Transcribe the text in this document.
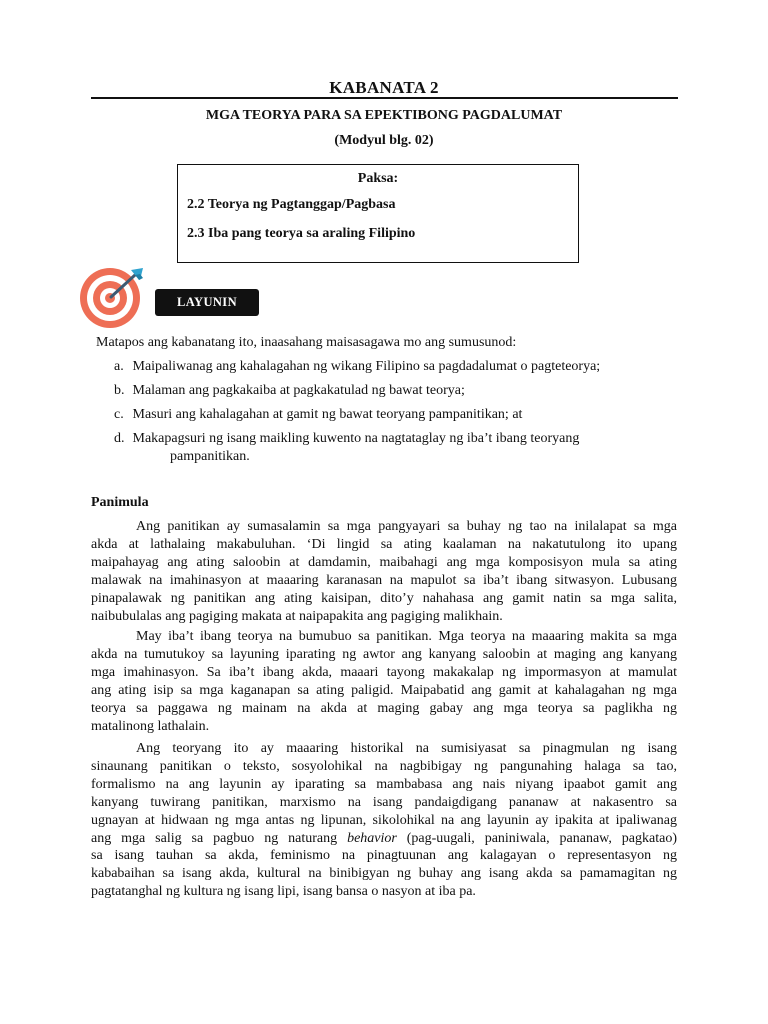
KABANATA 2
MGA TEORYA PARA SA EPEKTIBONG PAGDALUMAT
(Modyul blg. 02)
Paksa:
2.2 Teorya ng Pagtanggap/Pagbasa
2.3 Iba pang teorya sa araling Filipino
LAYUNIN
Matapos ang kabanatang ito, inaasahang maisasagawa mo ang sumusunod:
a. Maipaliwanag ang kahalagahan ng wikang Filipino sa pagdadalumat o pagteteorya;
b. Malaman ang pagkakaiba at pagkakatulad ng bawat teorya;
c. Masuri ang kahalagahan at gamit ng bawat teoryang pampanitikan; at
d. Makapagsuri ng isang maikling kuwento na nagtataglay ng iba’t ibang teoryang
pampanitikan.
Panimula
Ang panitikan ay sumasalamin sa mga pangyayari sa buhay ng tao na inilalapat sa mga
akda at lathalaing makabuluhan. ‘Di lingid sa ating kaalaman na nakatutulong ito upang
maipahayag ang ating saloobin at damdamin, maibahagi ang mga komposisyon mula sa ating
malawak na imahinasyon at maaaring karanasan na mapulot sa iba’t ibang sitwasyon. Lubusang
pinapalawak ng panitikan ang ating kaisipan, dito’y nahahasa ang gamit natin sa mga salita,
naibubulalas ang pagiging makata at naipapakita ang pagiging malikhain.
May iba’t ibang teorya na bumubuo sa panitikan. Mga teorya na maaaring makita sa mga
akda na tumutukoy sa layuning iparating ng awtor ang kanyang saloobin at maging ang kanyang
mga imahinasyon. Sa iba’t ibang akda, maaari tayong makakalap ng impormasyon at mamulat
ang ating isip sa mga kaganapan sa ating paligid. Maipabatid ang gamit at kahalagahan ng mga
teorya sa paggawa ng mainam na akda at maging gabay ang mga teorya sa paglikha ng
matalinong lathalain.
Ang teoryang ito ay maaaring historikal na sumisiyasat sa pinagmulan ng isang
sinaunang panitikan o teksto, sosyolohikal na nagbibigay ng pangunahing halaga sa tao,
formalismo na ang layunin ay iparating sa mambabasa ang nais niyang ipaabot gamit ang
kanyang tuwirang panitikan, marxismo na isang pandaigdigang pananaw at nakasentro sa
ugnayan at hidwaan ng mga antas ng lipunan, sikolohikal na ang layunin ay ipakita at ipaliwanag
ang mga salig sa pagbuo ng naturang behavior (pag-uugali, paniniwala, pananaw, pagkatao)
sa isang tauhan sa akda, feminismo na pinagtuunan ang kalagayan o representasyon ng
kababaihan sa isang akda, kultural na binibigyan ng buhay ang isang akda sa pamamagitan ng
pagtatanghal ng kultura ng isang lipi, isang bansa o nasyon at iba pa.
